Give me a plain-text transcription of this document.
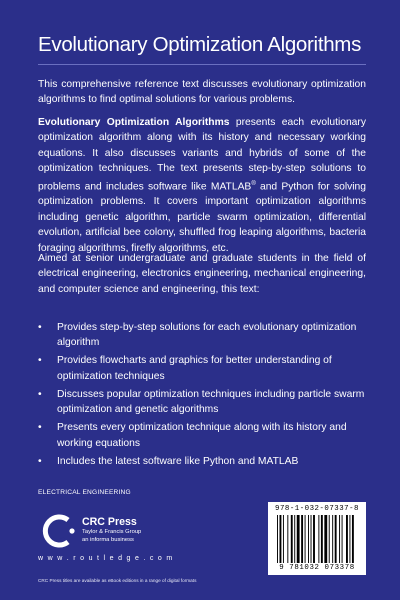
Evolutionary Optimization Algorithms
This comprehensive reference text discusses evolutionary optimization algorithms to find optimal solutions for various problems.
Evolutionary Optimization Algorithms presents each evolutionary optimization algorithm along with its history and necessary working equations. It also discusses variants and hybrids of some of the optimization techniques. The text presents step-by-step solutions to problems and includes software like MATLAB® and Python for solving optimization problems. It covers important optimization algorithms including genetic algorithm, particle swarm optimization, differential evolution, artificial bee colony, shuffled frog leaping algorithms, bacteria foraging algorithms, firefly algorithms, etc.
Aimed at senior undergraduate and graduate students in the field of electrical engineering, electronics engineering, mechanical engineering, and computer science and engineering, this text:
• Provides step-by-step solutions for each evolutionary optimization algorithm
• Provides flowcharts and graphics for better understanding of optimization techniques
• Discusses popular optimization techniques including particle swarm optimization and genetic algorithms
• Presents every optimization technique along with its history and working equations
• Includes the latest software like Python and MATLAB
ELECTRICAL ENGINEERING
CRC Press
Taylor & Francis Group
an informa business
w w w . r o u t l e d g e . c o m
CRC Press titles are available as eBook editions in a range of digital formats
978-1-032-07337-8
9 781032 073378
